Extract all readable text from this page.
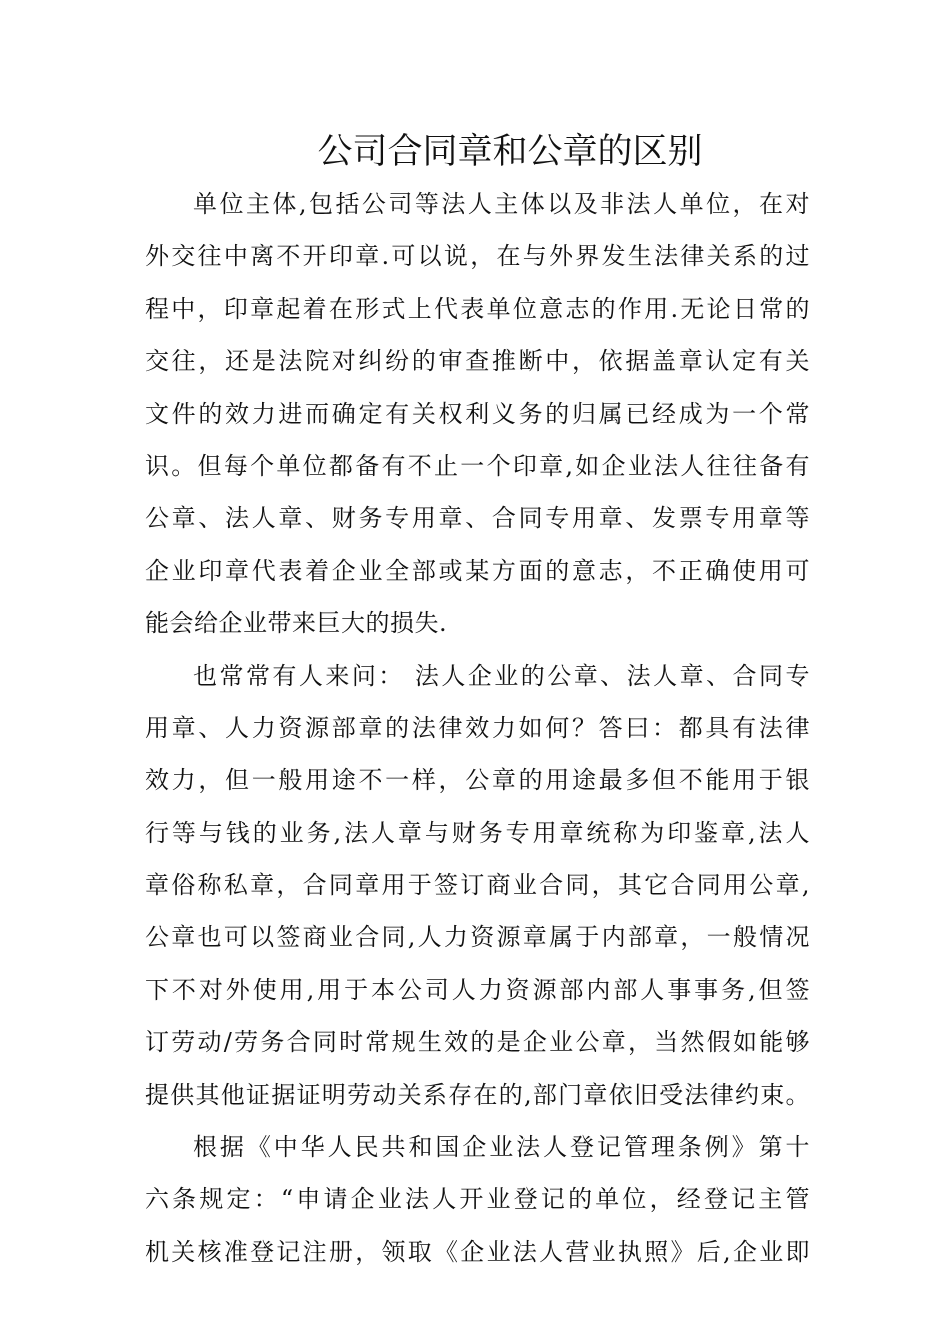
公司合同章和公章的区别
单位主体,包括公司等法人主体以及非法人单位，在对
外交往中离不开印章.可以说，在与外界发生法律关系的过
程中，印章起着在形式上代表单位意志的作用.无论日常的
交往，还是法院对纠纷的审查推断中，依据盖章认定有关
文件的效力进而确定有关权利义务的归属已经成为一个常
识。但每个单位都备有不止一个印章,如企业法人往往备有
公章、法人章、财务专用章、合同专用章、发票专用章等
企业印章代表着企业全部或某方面的意志，不正确使用可
能会给企业带来巨大的损失.
也常常有人来问： 法人企业的公章、法人章、合同专
用章、人力资源部章的法律效力如何？答曰：都具有法律
效力，但一般用途不一样，公章的用途最多但不能用于银
行等与钱的业务,法人章与财务专用章统称为印鉴章,法人
章俗称私章，合同章用于签订商业合同，其它合同用公章,
公章也可以签商业合同,人力资源章属于内部章，一般情况
下不对外使用,用于本公司人力资源部内部人事事务,但签
订劳动/劳务合同时常规生效的是企业公章，当然假如能够
提供其他证据证明劳动关系存在的,部门章依旧受法律约束。
根据《中华人民共和国企业法人登记管理条例》第十
六条规定：“申请企业法人开业登记的单位，经登记主管
机关核准登记注册，领取《企业法人营业执照》后,企业即
